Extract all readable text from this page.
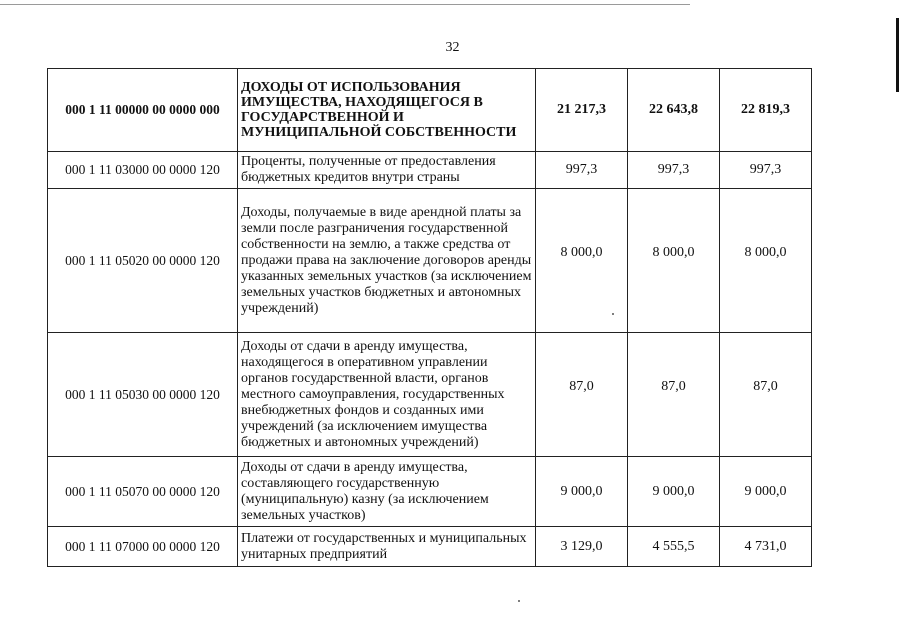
32
000 1 11 00000 00 0000 000	ДОХОДЫ ОТ ИСПОЛЬЗОВАНИЯ ИМУЩЕСТВА, НАХОДЯЩЕГОСЯ В ГОСУДАРСТВЕННОЙ И МУНИЦИПАЛЬНОЙ СОБСТВЕННОСТИ	21 217,3	22 643,8	22 819,3
000 1 11 03000 00 0000 120	Проценты, полученные от предоставления бюджетных кредитов внутри страны	997,3	997,3	997,3
000 1 11 05020 00 0000 120	Доходы, получаемые в виде арендной платы за земли после разграничения государственной собственности на землю, а также средства от продажи права на заключение договоров аренды указанных земельных участков (за исключением земельных участков бюджетных и автономных учреждений)	8 000,0	8 000,0	8 000,0
000 1 11 05030 00 0000 120	Доходы от сдачи в аренду имущества, находящегося в оперативном управлении органов государственной власти, органов местного самоуправления, государственных внебюджетных фондов и созданных ими учреждений (за исключением имущества бюджетных и автономных учреждений)	87,0	87,0	87,0
000 1 11 05070 00 0000 120	Доходы от сдачи в аренду имущества, составляющего государственную (муниципальную) казну (за исключением земельных участков)	9 000,0	9 000,0	9 000,0
000 1 11 07000 00 0000 120	Платежи от государственных и муниципальных унитарных предприятий	3 129,0	4 555,5	4 731,0
